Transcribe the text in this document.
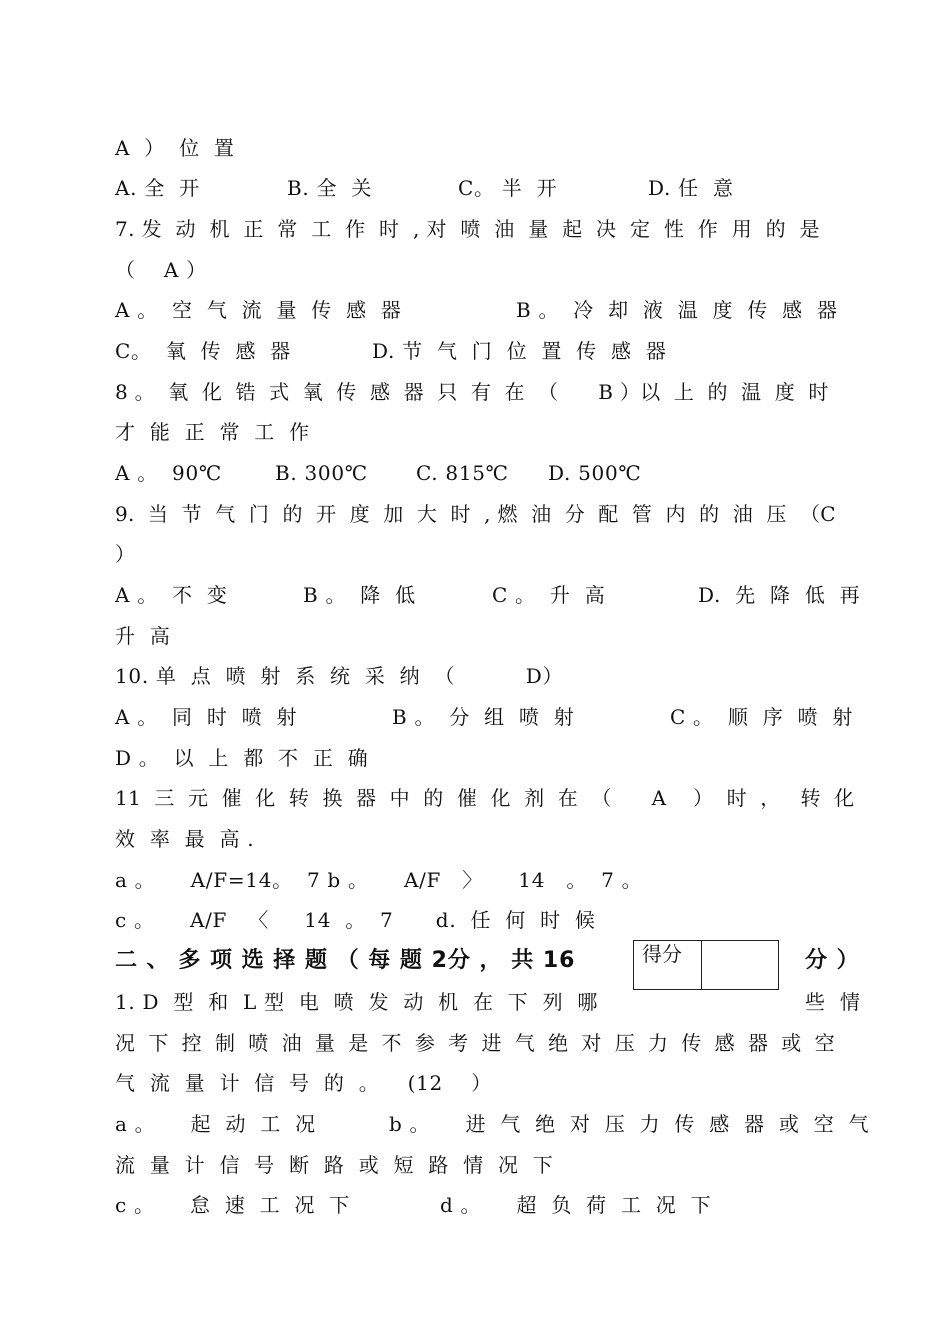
A  ）  位  置
A. 全  开	B. 全  关	C。 半  开	D. 任  意
7. 发  动  机  正  常  工  作  时  , 对  喷  油  量  起  决  定  性  作  用  的  是
（    A ）
A 。  空  气  流  量  传  感  器	B 。  冷  却  液  温  度  传  感  器
C。  氧  传  感  器	D. 节  气  门  位  置  传  感  器
8 。  氧  化  锆  式  氧  传  感  器  只  有  在  （      B ）以  上  的  温  度  时
才  能  正  常  工  作
A 。  90℃	B. 300℃ C. 815℃ D. 500℃
9.  当  节  气  门  的  开  度  加  大  时  , 燃  油  分  配  管  内  的  油  压  （C
）
A 。  不  变	B 。  降  低	C 。  升  高	D.  先  降  低  再
升  高
10. 单  点  喷  射  系  统  采  纳  （          D）
A 。  同  时  喷  射	B 。  分  组  喷  射	C 。  顺  序  喷  射
D 。  以  上  都  不  正  确
11  三  元  催  化  转  换  器  中  的  催  化  剂  在  （      A    ）  时  ，   转  化
效  率  最  高 .
a 。     A/F=14。  7 b 。     A/F   〉     14   。  7 。
c 。     A/F   〈     14  。  7      d.  任  何  时  候
二 、 多 项 选 择 题 （ 每 题 2分 ， 共 16	得分	分 ）
1. D  型  和  L 型  电  喷  发  动  机  在  下  列  哪	些  情
况  下  控  制  喷  油  量  是  不  参  考  进  气  绝  对  压  力  传  感  器  或  空
气  流  量  计  信  号  的  。    (12    ）
a 。     起  动  工  况	b 。     进  气  绝  对  压  力  传  感  器  或  空  气
流  量  计  信  号  断  路  或  短  路  情  况  下
c 。     怠  速  工  况  下	d 。     超  负  荷  工  况  下
